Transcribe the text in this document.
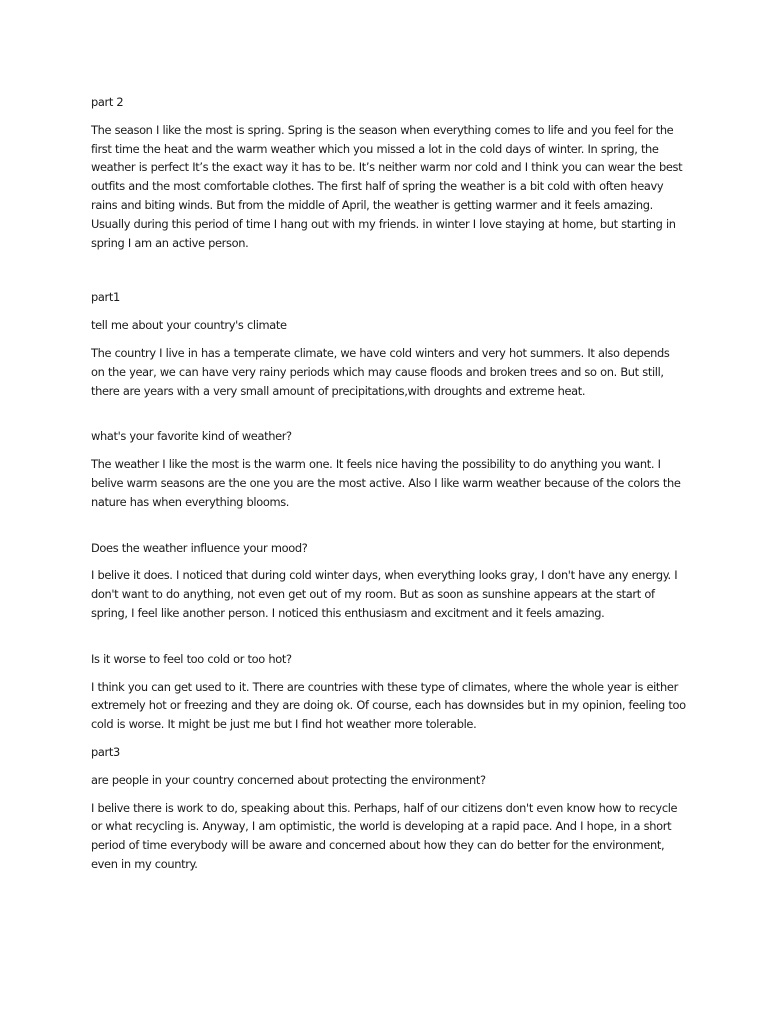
part 2

The season I like the most is spring. Spring is the season when everything comes to life and you feel for the first time the heat and the warm weather which you missed a lot in the cold days of winter. In spring, the weather is perfect It’s the exact way it has to be. It’s neither warm nor cold and I think you can wear the best outfits and the most comfortable clothes. The first half of spring the weather is a bit cold with often heavy rains and biting winds. But from the middle of April, the weather is getting warmer and it feels amazing. Usually during this period of time I hang out with my friends. in winter I love staying at home, but starting in spring I am an active person.

part1

tell me about your country's climate

The country I live in has a temperate climate, we have cold winters and very hot summers. It also depends on the year, we can have very rainy periods which may cause floods and broken trees and so on. But still, there are years with a very small amount of precipitations,with droughts and extreme heat.

what's your favorite kind of weather?

The weather I like the most is the warm one. It feels nice having the possibility to do anything you want. I belive warm seasons are the one you are the most active. Also I like warm weather because of the colors the nature has when everything blooms.

Does the weather influence your mood?

I belive it does. I noticed that during cold winter days, when everything looks gray, I don't have any energy. I don't want to do anything, not even get out of my room. But as soon as sunshine appears at the start of spring, I feel like another person. I noticed this enthusiasm and excitment and it feels amazing.

Is it worse to feel too cold or too hot?

I think you can get used to it. There are countries with these type of climates, where the whole year is either extremely hot or freezing and they are doing ok. Of course, each has downsides but in my opinion, feeling too cold is worse. It might be just me but I find hot weather more tolerable.

part3

are people in your country concerned about protecting the environment?

I belive there is work to do, speaking about this. Perhaps, half of our citizens don't even know how to recycle or what recycling is. Anyway, I am optimistic, the world is developing at a rapid pace. And I hope, in a short period of time everybody will be aware and concerned about how they can do better for the environment, even in my country.
